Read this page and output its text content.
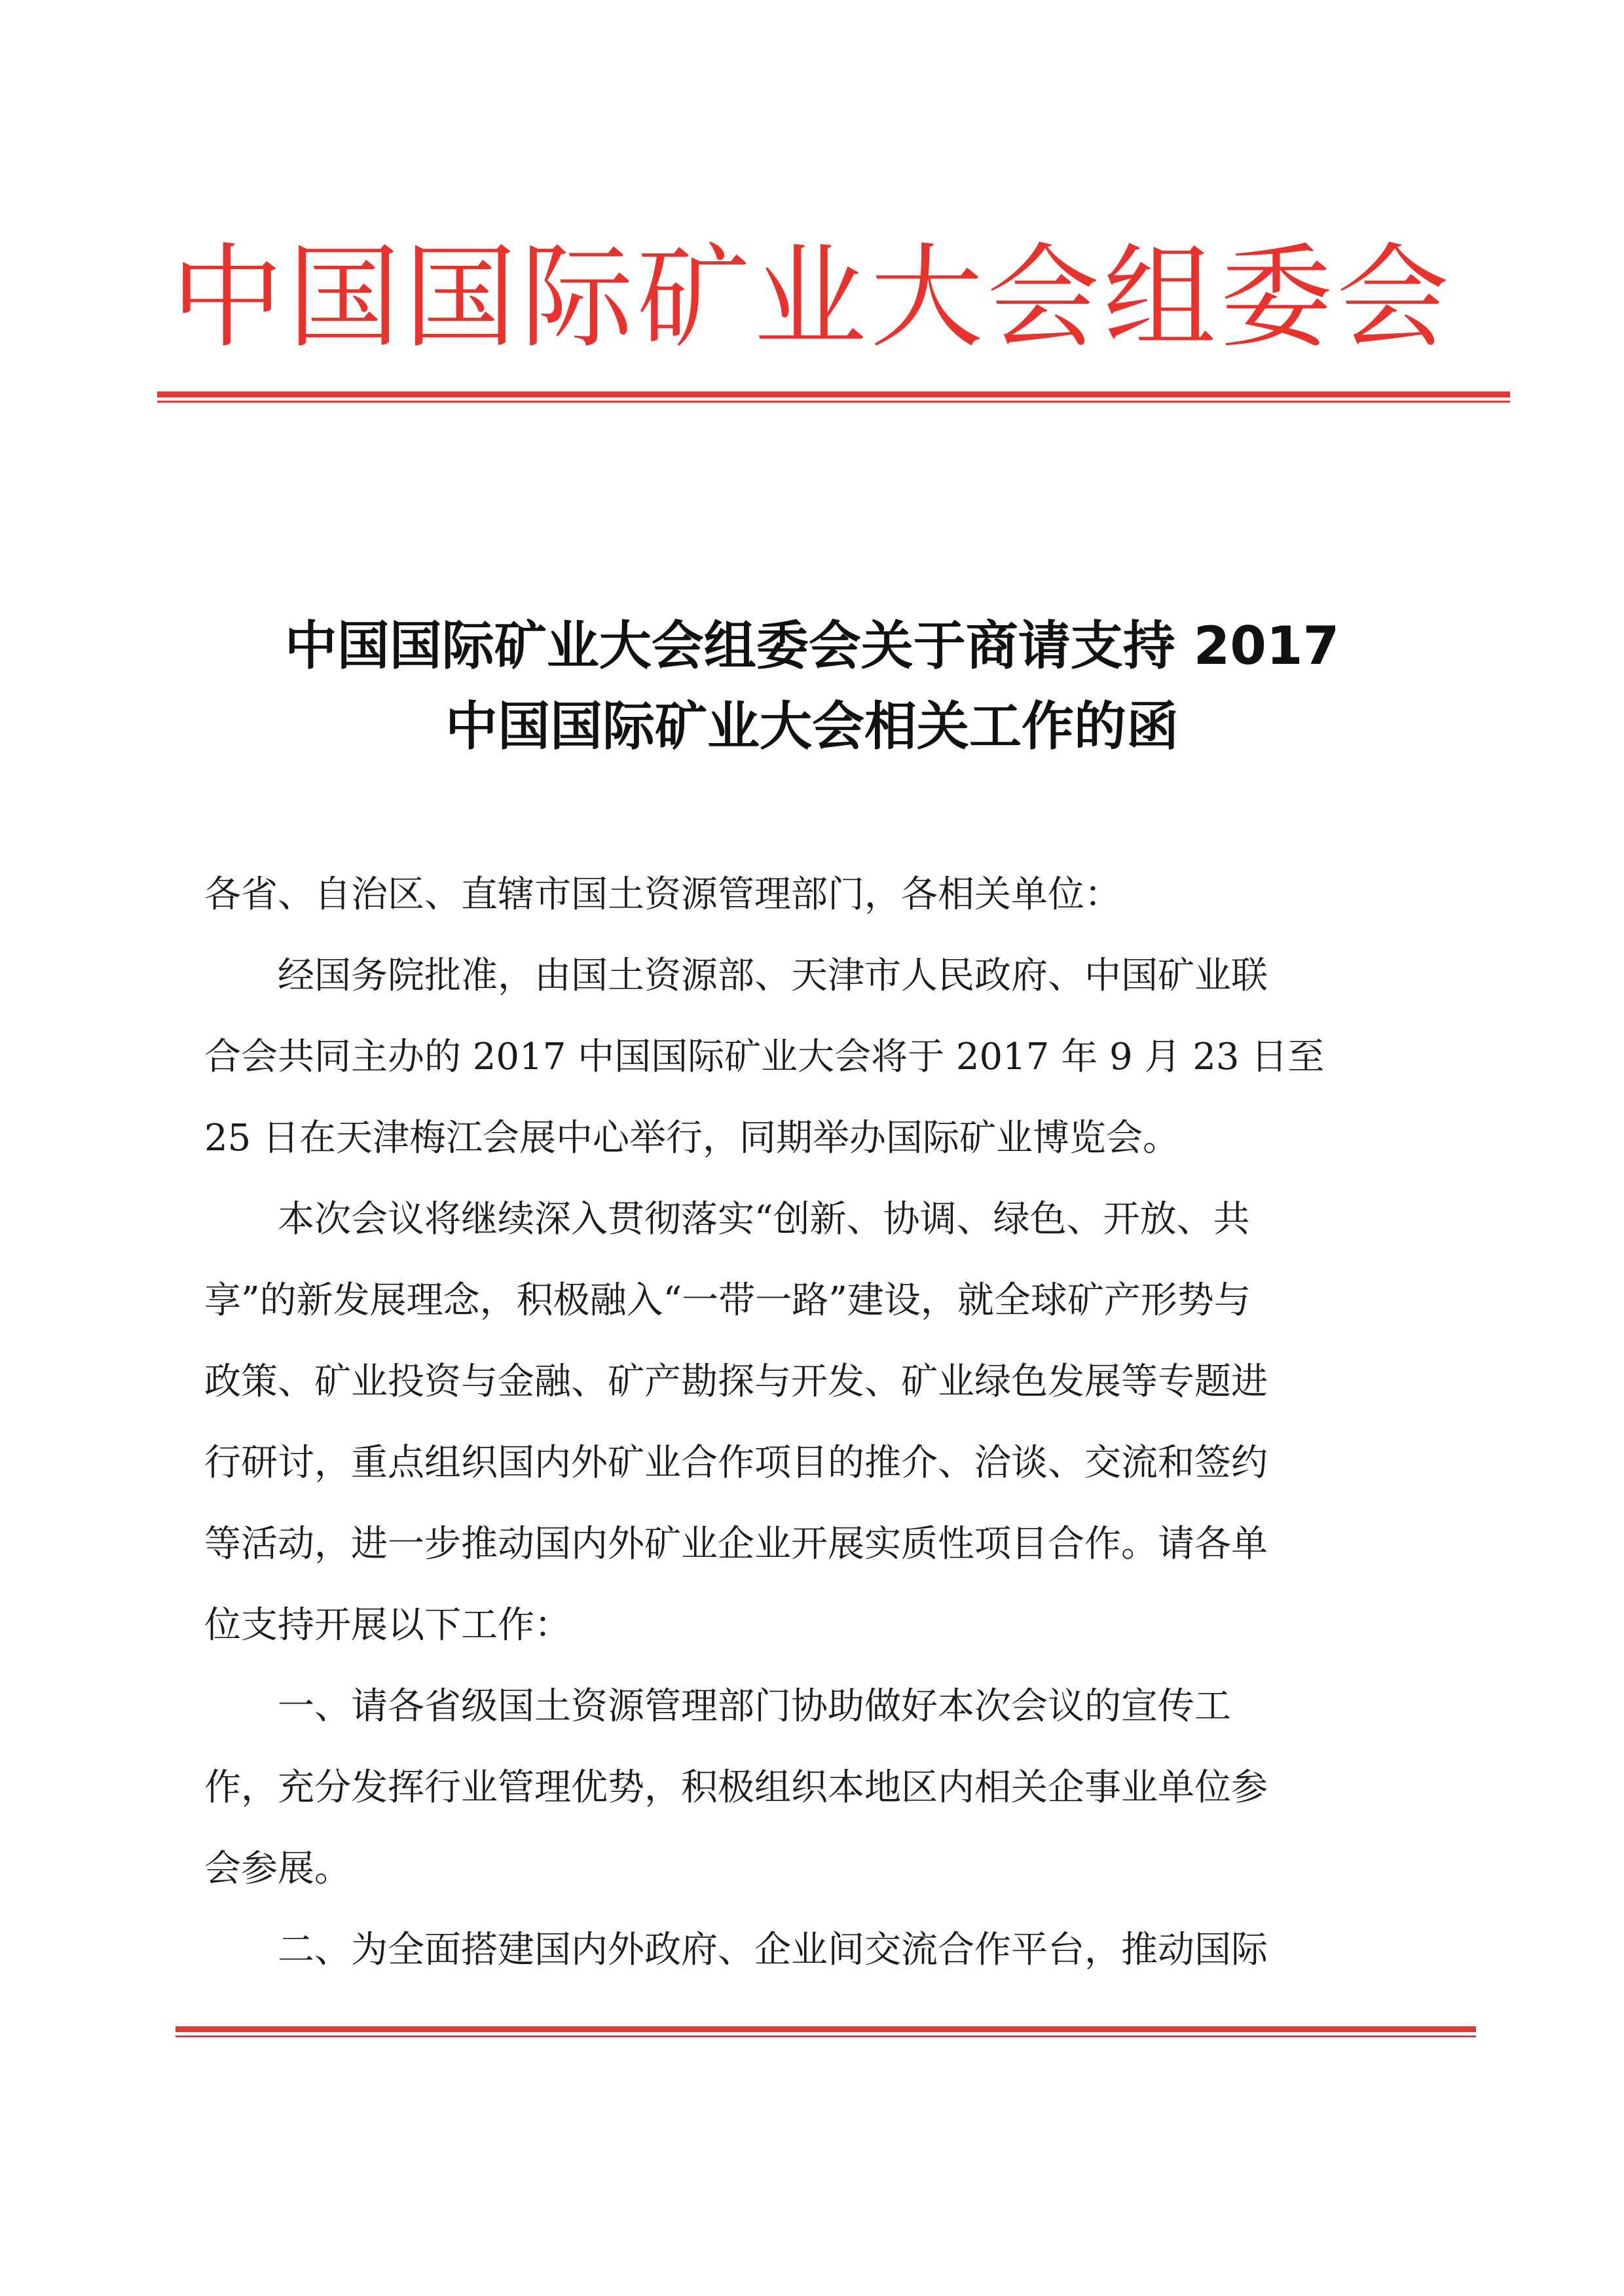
中国国际矿业大会组委会
中国国际矿业大会组委会关于商请支持 2017
中国国际矿业大会相关工作的函
各省、自治区、直辖市国土资源管理部门，各相关单位：
　　经国务院批准，由国土资源部、天津市人民政府、中国矿业联
合会共同主办的 2017 中国国际矿业大会将于 2017 年 9 月 23 日至
25 日在天津梅江会展中心举行，同期举办国际矿业博览会。
　　本次会议将继续深入贯彻落实“创新、协调、绿色、开放、共
享”的新发展理念，积极融入“一带一路”建设，就全球矿产形势与
政策、矿业投资与金融、矿产勘探与开发、矿业绿色发展等专题进
行研讨，重点组织国内外矿业合作项目的推介、洽谈、交流和签约
等活动，进一步推动国内外矿业企业开展实质性项目合作。请各单
位支持开展以下工作：
　　一、请各省级国土资源管理部门协助做好本次会议的宣传工
作，充分发挥行业管理优势，积极组织本地区内相关企事业单位参
会参展。
　　二、为全面搭建国内外政府、企业间交流合作平台，推动国际
